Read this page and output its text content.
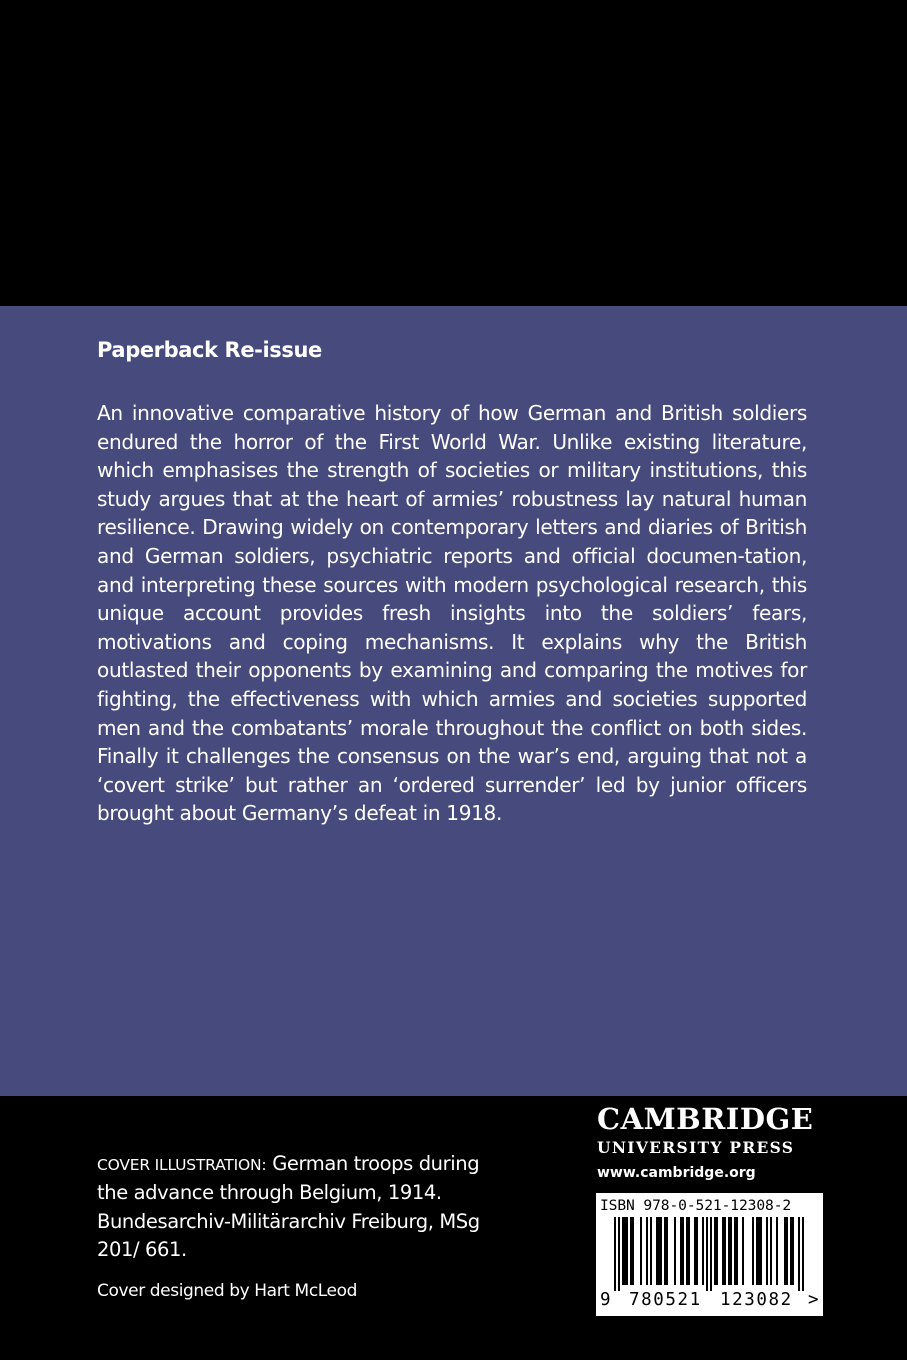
Paperback Re-issue

An innovative comparative history of how German and British soldiers endured the horror of the First World War. Unlike existing literature, which emphasises the strength of societies or military institutions, this study argues that at the heart of armies’ robustness lay natural human resilience. Drawing widely on contemporary letters and diaries of British and German soldiers, psychiatric reports and official documen-tation, and interpreting these sources with modern psychological research, this unique account provides fresh insights into the soldiers’ fears, motivations and coping mechanisms. It explains why the British outlasted their opponents by examining and comparing the motives for fighting, the effectiveness with which armies and societies supported men and the combatants’ morale throughout the conflict on both sides. Finally it challenges the consensus on the war’s end, arguing that not a ‘covert strike’ but rather an ‘ordered surrender’ led by junior officers brought about Germany’s defeat in 1918.

COVER ILLUSTRATION: German troops during the advance through Belgium, 1914. Bundesarchiv-Militärarchiv Freiburg, MSg 201/ 661.
Cover designed by Hart McLeod
CAMBRIDGE
UNIVERSITY PRESS
www.cambridge.org
ISBN 978-0-521-12308-2
9 780521 123082 >
